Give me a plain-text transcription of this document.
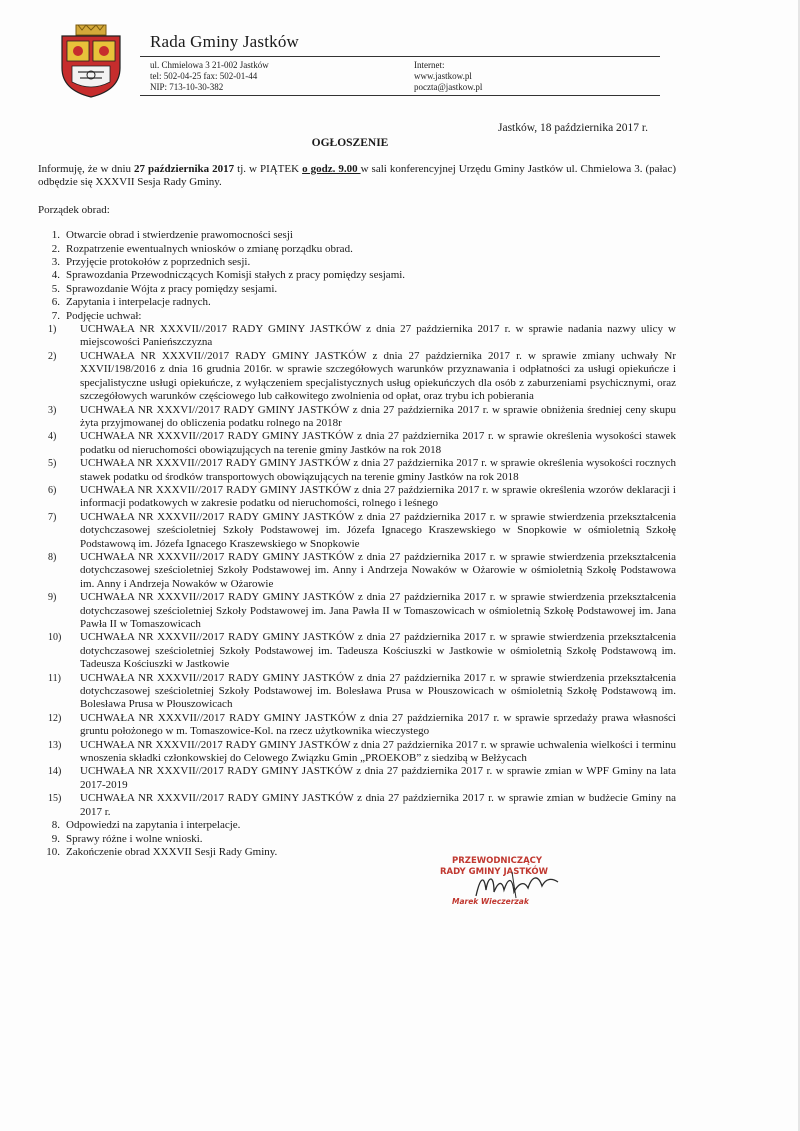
Rada Gminy Jastków
ul. Chmielowa 3 21-002 Jastków
tel: 502-04-25 fax: 502-01-44
NIP: 713-10-30-382
Internet:
www.jastkow.pl
poczta@jastkow.pl
Jastków, 18 października 2017 r.
OGŁOSZENIE

Informuję, że w dniu 27 października 2017 tj. w PIĄTEK o godz. 9.00 w sali konferencyjnej Urzędu Gminy Jastków ul. Chmielowa 3. (pałac) odbędzie się XXXVII Sesja Rady Gminy.

Porządek obrad:

1. Otwarcie obrad i stwierdzenie prawomocności sesji
2. Rozpatrzenie ewentualnych wniosków o zmianę porządku obrad.
3. Przyjęcie protokołów z poprzednich sesji.
4. Sprawozdania Przewodniczących Komisji stałych z pracy pomiędzy sesjami.
5. Sprawozdanie Wójta z pracy pomiędzy sesjami.
6. Zapytania i interpelacje radnych.
7. Podjęcie uchwał:
1)	UCHWAŁA NR XXXVII//2017 RADY GMINY JASTKÓW z dnia 27 października 2017 r. w sprawie nadania nazwy ulicy w miejscowości Panieńszczyzna
2)	UCHWAŁA NR XXXVII//2017 RADY GMINY JASTKÓW z dnia 27 października 2017 r. w sprawie zmiany uchwały Nr XXVII/198/2016 z dnia 16 grudnia 2016r. w sprawie szczegółowych warunków przyznawania i odpłatności za usługi opiekuńcze i specjalistyczne usługi opiekuńcze, z wyłączeniem specjalistycznych usług opiekuńczych dla osób z zaburzeniami psychicznymi, oraz szczegółowych warunków częściowego lub całkowitego zwolnienia od opłat, oraz trybu ich pobierania
3)	UCHWAŁA NR XXXVI//2017 RADY GMINY JASTKÓW z dnia 27 października 2017 r. w sprawie obniżenia średniej ceny skupu żyta przyjmowanej do obliczenia podatku rolnego na 2018r
4)	UCHWAŁA NR XXXVII//2017 RADY GMINY JASTKÓW z dnia 27 października 2017 r. w sprawie określenia wysokości stawek podatku od nieruchomości obowiązujących na terenie gminy Jastków na rok 2018
5)	UCHWAŁA NR XXXVII//2017 RADY GMINY JASTKÓW z dnia 27 października 2017 r. w sprawie określenia wysokości rocznych stawek podatku od środków transportowych obowiązujących na terenie gminy Jastków na rok 2018
6)	UCHWAŁA NR XXXVII//2017 RADY GMINY JASTKÓW z dnia 27 października 2017 r. w sprawie określenia wzorów deklaracji i informacji podatkowych w zakresie podatku od nieruchomości, rolnego i leśnego
7)	UCHWAŁA NR XXXVII//2017 RADY GMINY JASTKÓW z dnia 27 października 2017 r. w sprawie stwierdzenia przekształcenia dotychczasowej sześcioletniej Szkoły Podstawowej im. Józefa Ignacego Kraszewskiego w Snopkowie w ośmioletnią Szkołę Podstawową im. Józefa Ignacego Kraszewskiego w Snopkowie
8)	UCHWAŁA NR XXXVII//2017 RADY GMINY JASTKÓW z dnia 27 października 2017 r. w sprawie stwierdzenia przekształcenia dotychczasowej sześcioletniej Szkoły Podstawowej im. Anny i Andrzeja Nowaków w Ożarowie w ośmioletnią Szkołę Podstawowa im. Anny i Andrzeja Nowaków w Ożarowie
9)	UCHWAŁA NR XXXVII//2017 RADY GMINY JASTKÓW z dnia 27 października 2017 r. w sprawie stwierdzenia przekształcenia dotychczasowej sześcioletniej Szkoły Podstawowej im. Jana Pawła II w Tomaszowicach w ośmioletnią Szkołę Podstawowej im. Jana Pawła II w Tomaszowicach
10)	UCHWAŁA NR XXXVII//2017 RADY GMINY JASTKÓW z dnia 27 października 2017 r. w sprawie stwierdzenia przekształcenia dotychczasowej sześcioletniej Szkoły Podstawowej im. Tadeusza Kościuszki w Jastkowie w ośmioletnią Szkołę Podstawową im. Tadeusza Kościuszki w Jastkowie
11)	UCHWAŁA NR XXXVII//2017 RADY GMINY JASTKÓW z dnia 27 października 2017 r. w sprawie stwierdzenia przekształcenia dotychczasowej sześcioletniej Szkoły Podstawowej im. Bolesława Prusa w Płouszowicach w ośmioletnią Szkołę Podstawową im. Bolesława Prusa w Płouszowicach
12)	UCHWAŁA NR XXXVII//2017 RADY GMINY JASTKÓW z dnia 27 października 2017 r. w sprawie sprzedaży prawa własności gruntu położonego w m. Tomaszowice-Kol. na rzecz użytkownika wieczystego
13)	UCHWAŁA NR XXXVII//2017 RADY GMINY JASTKÓW z dnia 27 października 2017 r. w sprawie uchwalenia wielkości i terminu wnoszenia składki członkowskiej do Celowego Związku Gmin „PROEKOB” z siedzibą w Bełżycach
14)	UCHWAŁA NR XXXVII//2017 RADY GMINY JASTKÓW z dnia 27 października 2017 r. w sprawie zmian w WPF Gminy na lata 2017-2019
15)	UCHWAŁA NR XXXVII//2017 RADY GMINY JASTKÓW z dnia 27 października 2017 r. w sprawie zmian w budżecie Gminy na 2017 r.
8. Odpowiedzi na zapytania i interpelacje.
9. Sprawy różne i wolne wnioski.
10. Zakończenie obrad XXXVII Sesji Rady Gminy.
PRZEWODNICZĄCY
RADY GMINY JASTKÓW
Marek Wieczerzak
